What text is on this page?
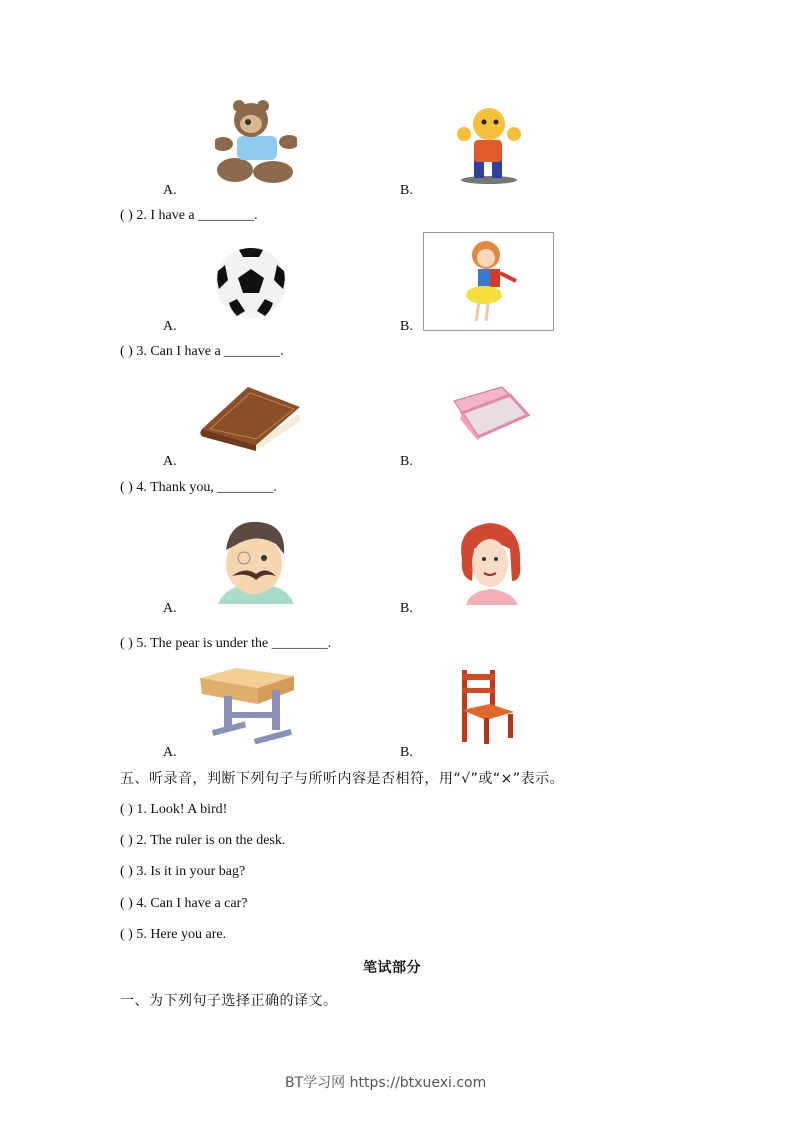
A.	B.
( ) 2. I have a ________.
A.	B.
( ) 3. Can I have a ________.
A.	B.
( ) 4. Thank you, ________.
A.	B.
( ) 5. The pear is under the ________.
A.	B.
五、听录音，判断下列句子与所听内容是否相符，用“√”或“×”表示。
( ) 1. Look! A bird!
( ) 2. The ruler is on the desk.
( ) 3. Is it in your bag?
( ) 4. Can I have a car?
( ) 5. Here you are.
笔试部分
一、为下列句子选择正确的译文。
BT学习网 https://btxuexi.com
